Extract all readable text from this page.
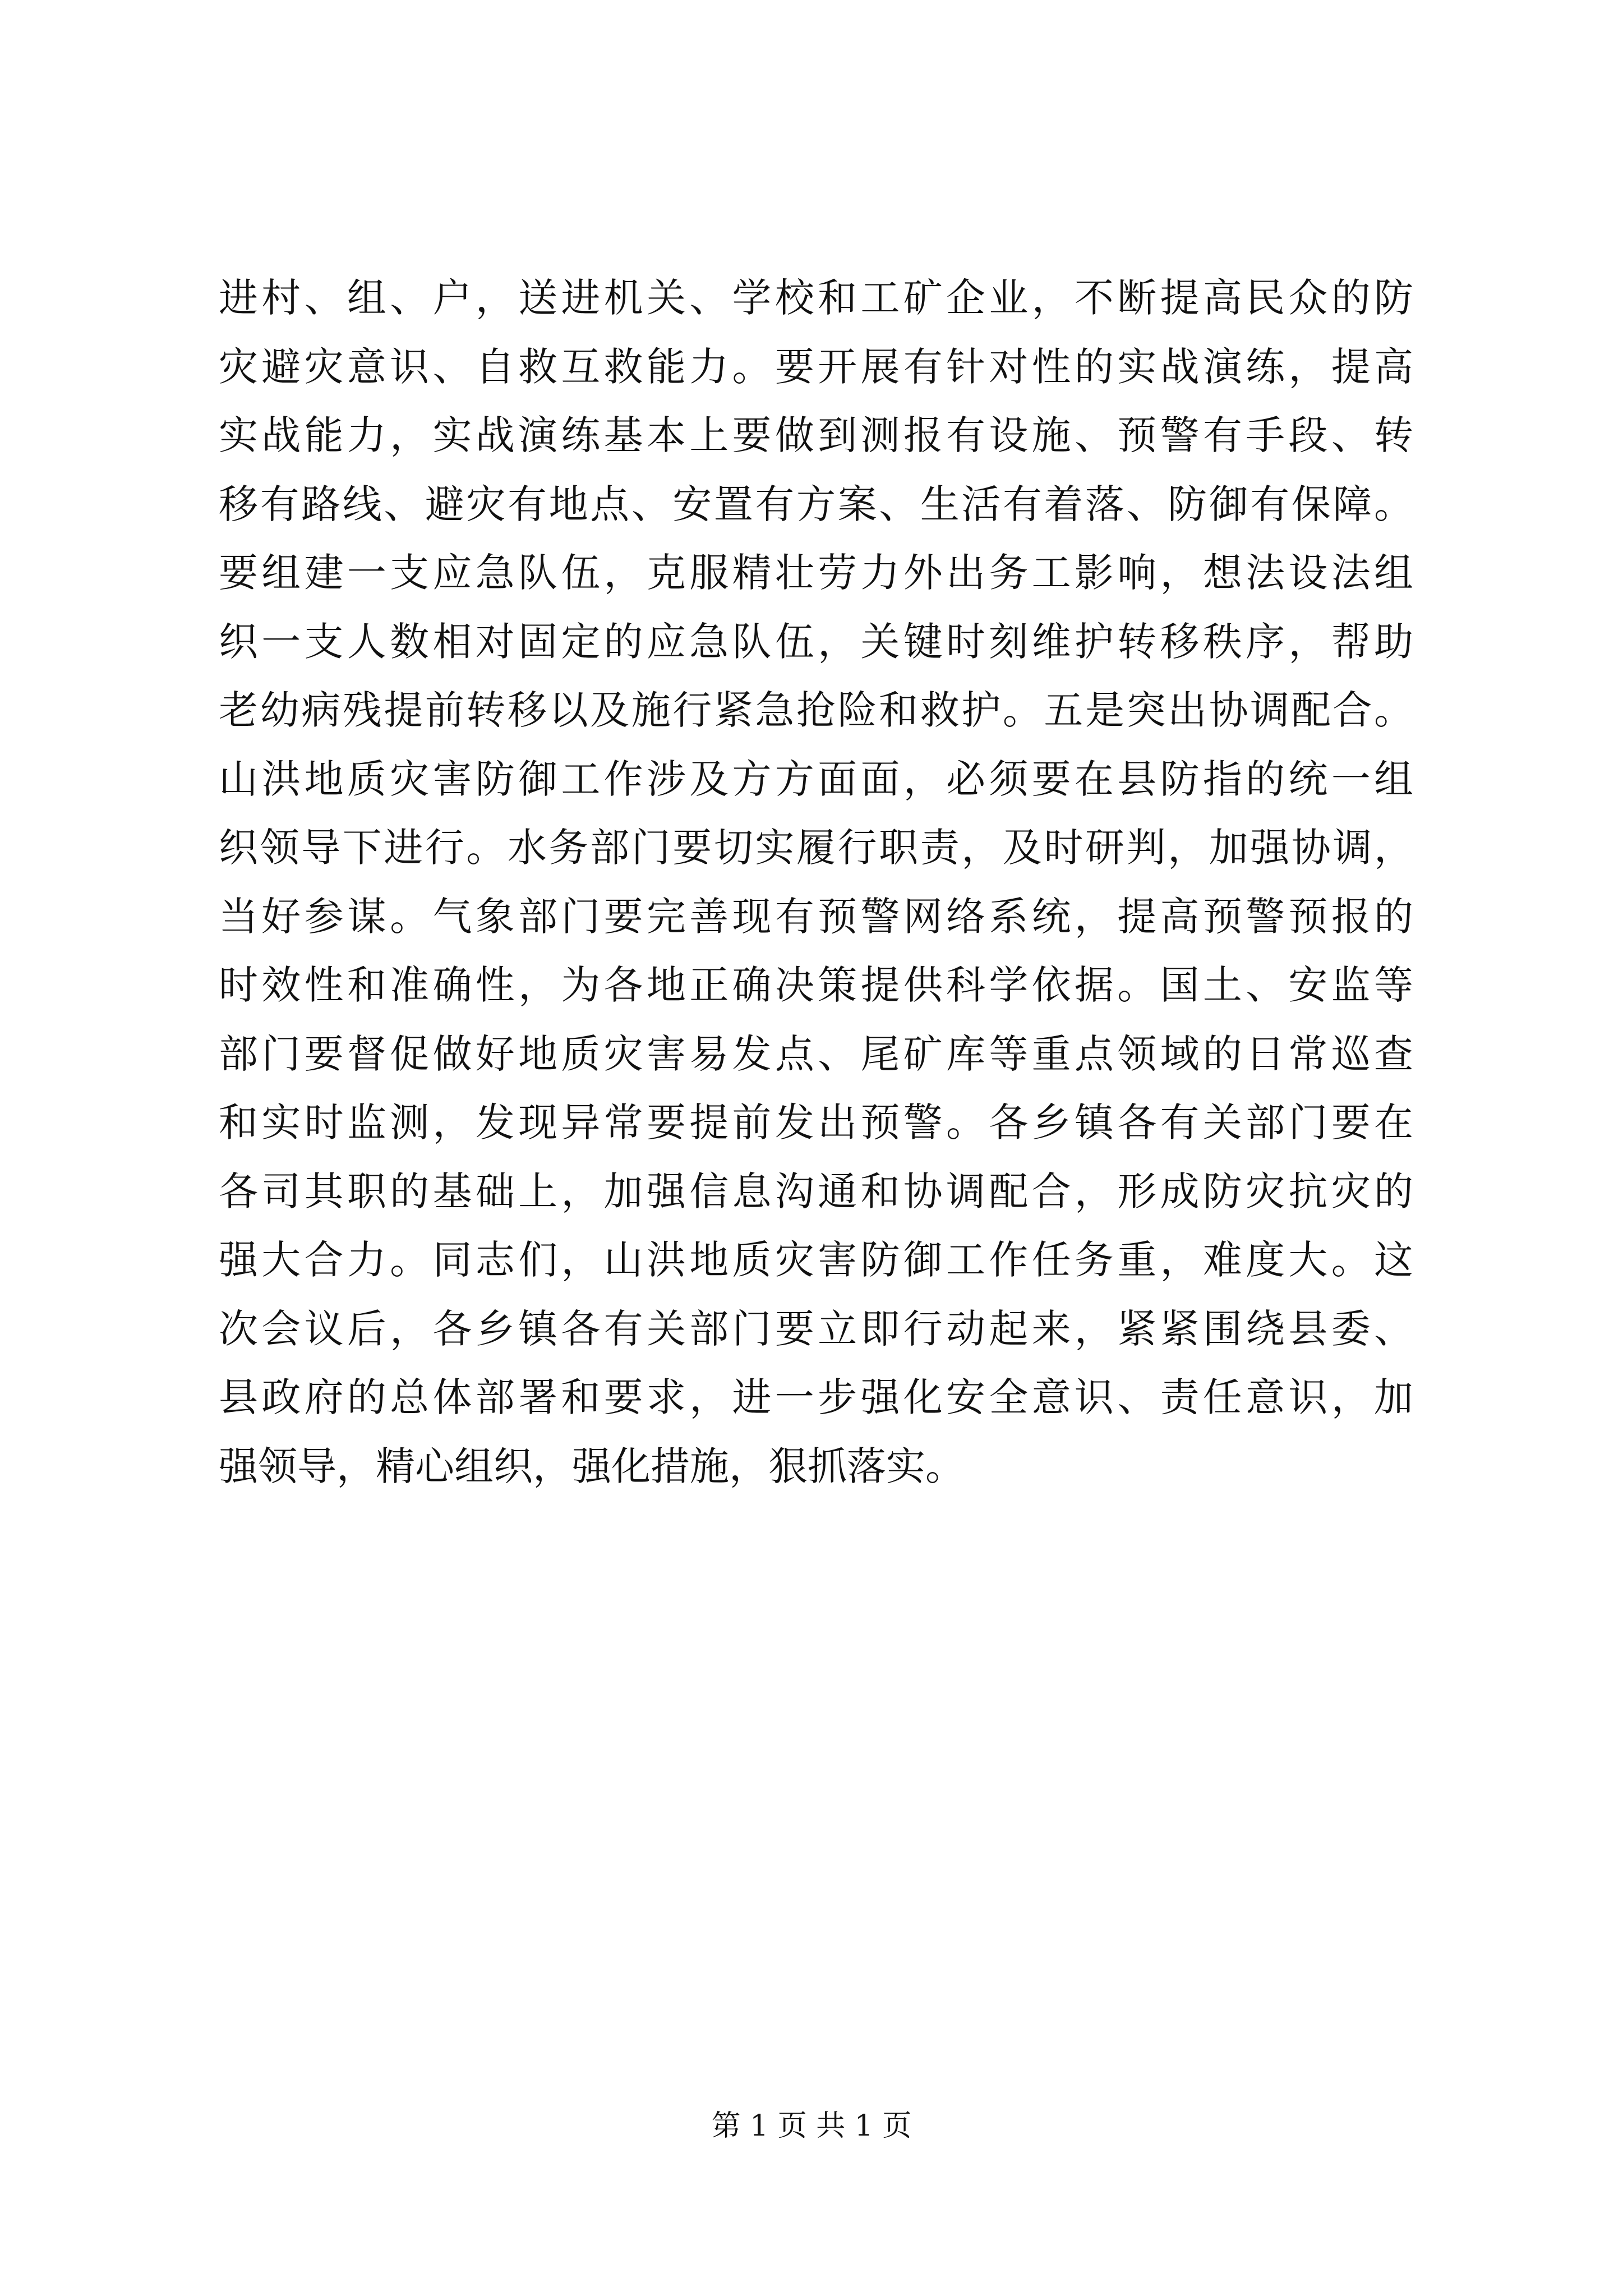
进村、组、户，送进机关、学校和工矿企业，不断提高民众的防
灾避灾意识、自救互救能力。要开展有针对性的实战演练，提高
实战能力，实战演练基本上要做到测报有设施、预警有手段、转
移有路线、避灾有地点、安置有方案、生活有着落、防御有保障。
要组建一支应急队伍，克服精壮劳力外出务工影响，想法设法组
织一支人数相对固定的应急队伍，关键时刻维护转移秩序，帮助
老幼病残提前转移以及施行紧急抢险和救护。五是突出协调配合。
山洪地质灾害防御工作涉及方方面面，必须要在县防指的统一组
织领导下进行。水务部门要切实履行职责，及时研判，加强协调，
当好参谋。气象部门要完善现有预警网络系统，提高预警预报的
时效性和准确性，为各地正确决策提供科学依据。国土、安监等
部门要督促做好地质灾害易发点、尾矿库等重点领域的日常巡查
和实时监测，发现异常要提前发出预警。各乡镇各有关部门要在
各司其职的基础上，加强信息沟通和协调配合，形成防灾抗灾的
强大合力。同志们，山洪地质灾害防御工作任务重，难度大。这
次会议后，各乡镇各有关部门要立即行动起来，紧紧围绕县委、
县政府的总体部署和要求，进一步强化安全意识、责任意识，加
强领导，精心组织，强化措施，狠抓落实。
第 1 页 共 1 页
